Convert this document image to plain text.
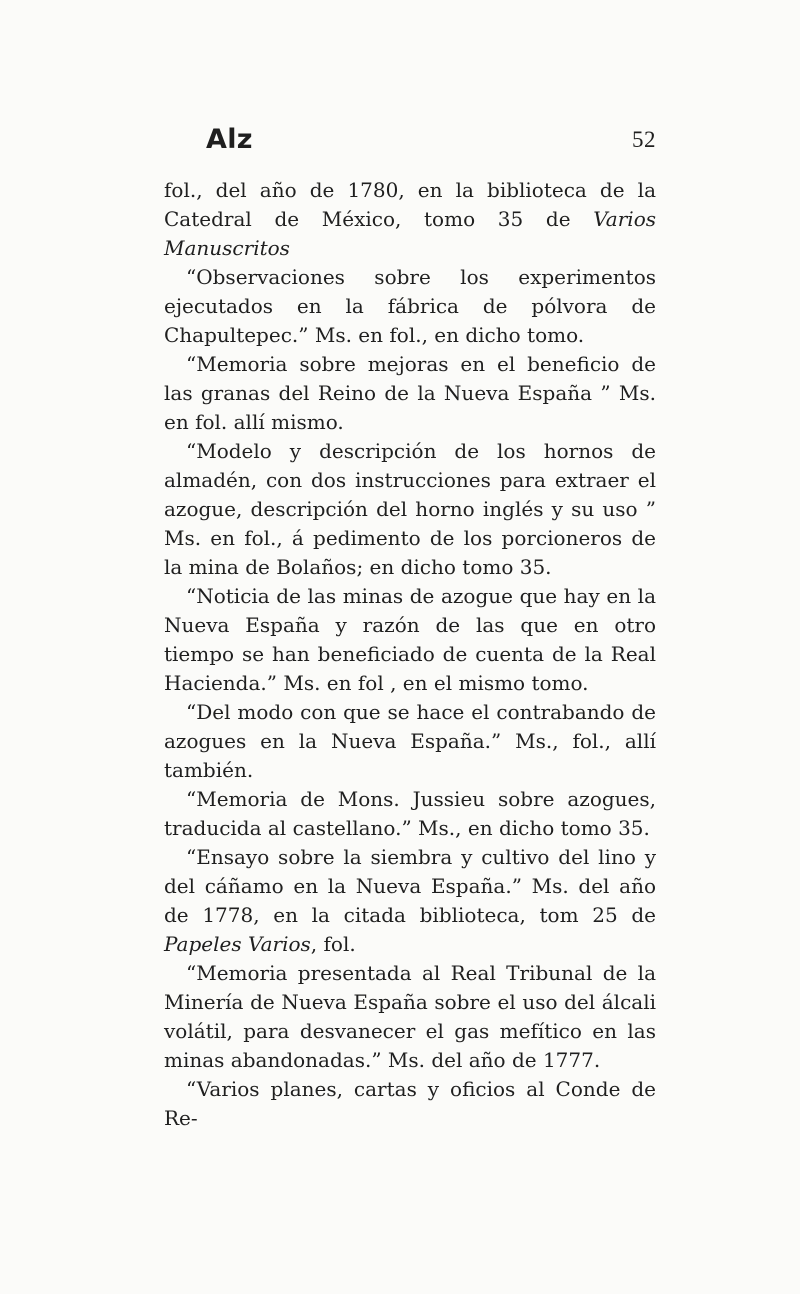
Alz	52

fol., del año de 1780, en la biblioteca de la Catedral de México, tomo 35 de Varios Manuscritos

“Observaciones sobre los experimentos ejecutados en la fábrica de pólvora de Chapultepec.” Ms. en fol., en dicho tomo.

“Memoria sobre mejoras en el beneficio de las granas del Reino de la Nueva España ” Ms. en fol. allí mismo.

“Modelo y descripción de los hornos de almadén, con dos instrucciones para extraer el azogue, descripción del horno inglés y su uso ” Ms. en fol., á pedimento de los porcioneros de la mina de Bolaños; en dicho tomo 35.

“Noticia de las minas de azogue que hay en la Nueva España y razón de las que en otro tiempo se han beneficiado de cuenta de la Real Hacienda.” Ms. en fol , en el mismo tomo.

“Del modo con que se hace el contrabando de azogues en la Nueva España.” Ms., fol., allí también.

“Memoria de Mons. Jussieu sobre azogues, traducida al castellano.” Ms., en dicho tomo 35.

“Ensayo sobre la siembra y cultivo del lino y del cáñamo en la Nueva España.” Ms. del año de 1778, en la citada biblioteca, tom 25 de Papeles Varios, fol.

“Memoria presentada al Real Tribunal de la Minería de Nueva España sobre el uso del álcali volátil, para desvanecer el gas mefítico en las minas abandonadas.” Ms. del año de 1777.

“Varios planes, cartas y oficios al Conde de Re-
